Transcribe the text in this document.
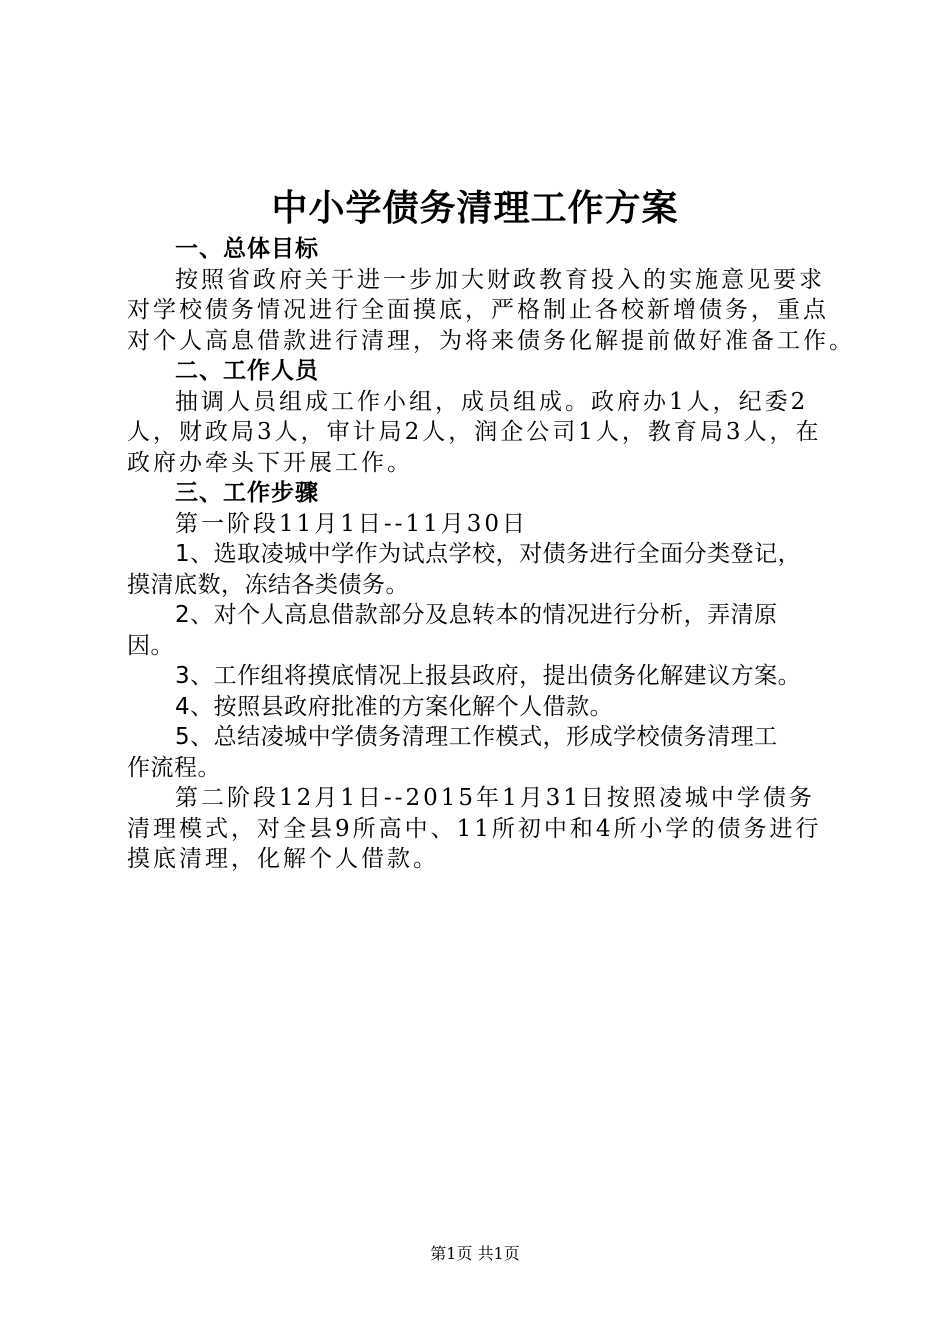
中小学债务清理工作方案
一、总体目标
按照省政府关于进一步加大财政教育投入的实施意见要求
对学校债务情况进行全面摸底，严格制止各校新增债务，重点
对个人高息借款进行清理，为将来债务化解提前做好准备工作。
二、工作人员
抽调人员组成工作小组，成员组成。政府办1人，纪委2
人，财政局3人，审计局2人，润企公司1人，教育局3人，在
政府办牵头下开展工作。
三、工作步骤
第一阶段11月1日--11月30日
1、选取凌城中学作为试点学校，对债务进行全面分类登记，
摸清底数，冻结各类债务。
2、对个人高息借款部分及息转本的情况进行分析，弄清原
因。
3、工作组将摸底情况上报县政府，提出债务化解建议方案。
4、按照县政府批准的方案化解个人借款。
5、总结凌城中学债务清理工作模式，形成学校债务清理工
作流程。
第二阶段12月1日--2015年1月31日按照凌城中学债务
清理模式，对全县9所高中、11所初中和4所小学的债务进行
摸底清理，化解个人借款。
第1页 共1页
